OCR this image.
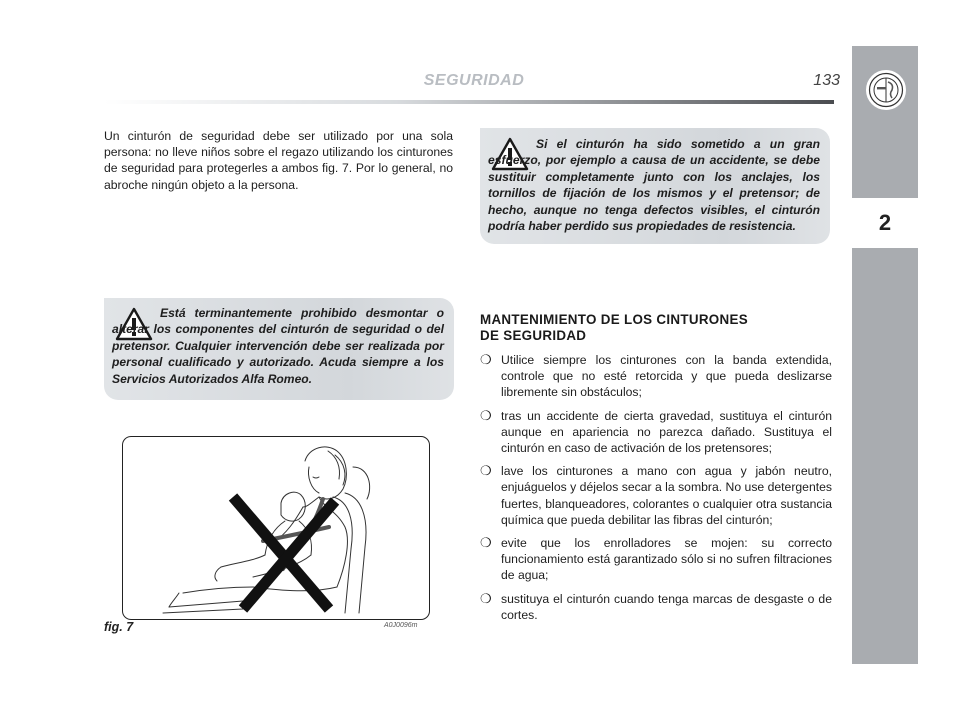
SEGURIDAD	133
2
Un cinturón de seguridad debe ser utilizado por una sola persona: no lleve niños sobre el regazo utilizando los cinturones de seguridad para protegerles a ambos fig. 7. Por lo general, no abroche ningún objeto a la persona.
Si el cinturón ha sido sometido a un gran esfuerzo, por ejemplo a causa de un accidente, se debe sustituir completamente junto con los anclajes, los tornillos de fijación de los mismos y el pretensor; de hecho, aunque no tenga defectos visibles, el cinturón podría haber perdido sus propiedades de resistencia.
Está terminantemente prohibido desmontar o alterar los componentes del cinturón de seguridad o del pretensor. Cualquier intervención debe ser realizada por personal cualificado y autorizado. Acuda siempre a los Servicios Autorizados Alfa Romeo.
MANTENIMIENTO DE LOS CINTURONES
DE SEGURIDAD
❍ Utilice siempre los cinturones con la banda extendida, controle que no esté retorcida y que pueda deslizarse libremente sin obstáculos;
❍ tras un accidente de cierta gravedad, sustituya el cinturón aunque en apariencia no parezca dañado. Sustituya el cinturón en caso de activación de los pretensores;
❍ lave los cinturones a mano con agua y jabón neutro, enjuáguelos y déjelos secar a la sombra. No use detergentes fuertes, blanqueadores, colorantes o cualquier otra sustancia química que pueda debilitar las fibras del cinturón;
❍ evite que los enrolladores se mojen: su correcto funcionamiento está garantizado sólo si no sufren filtraciones de agua;
❍ sustituya el cinturón cuando tenga marcas de desgaste o de cortes.
fig. 7	A0J0096m
